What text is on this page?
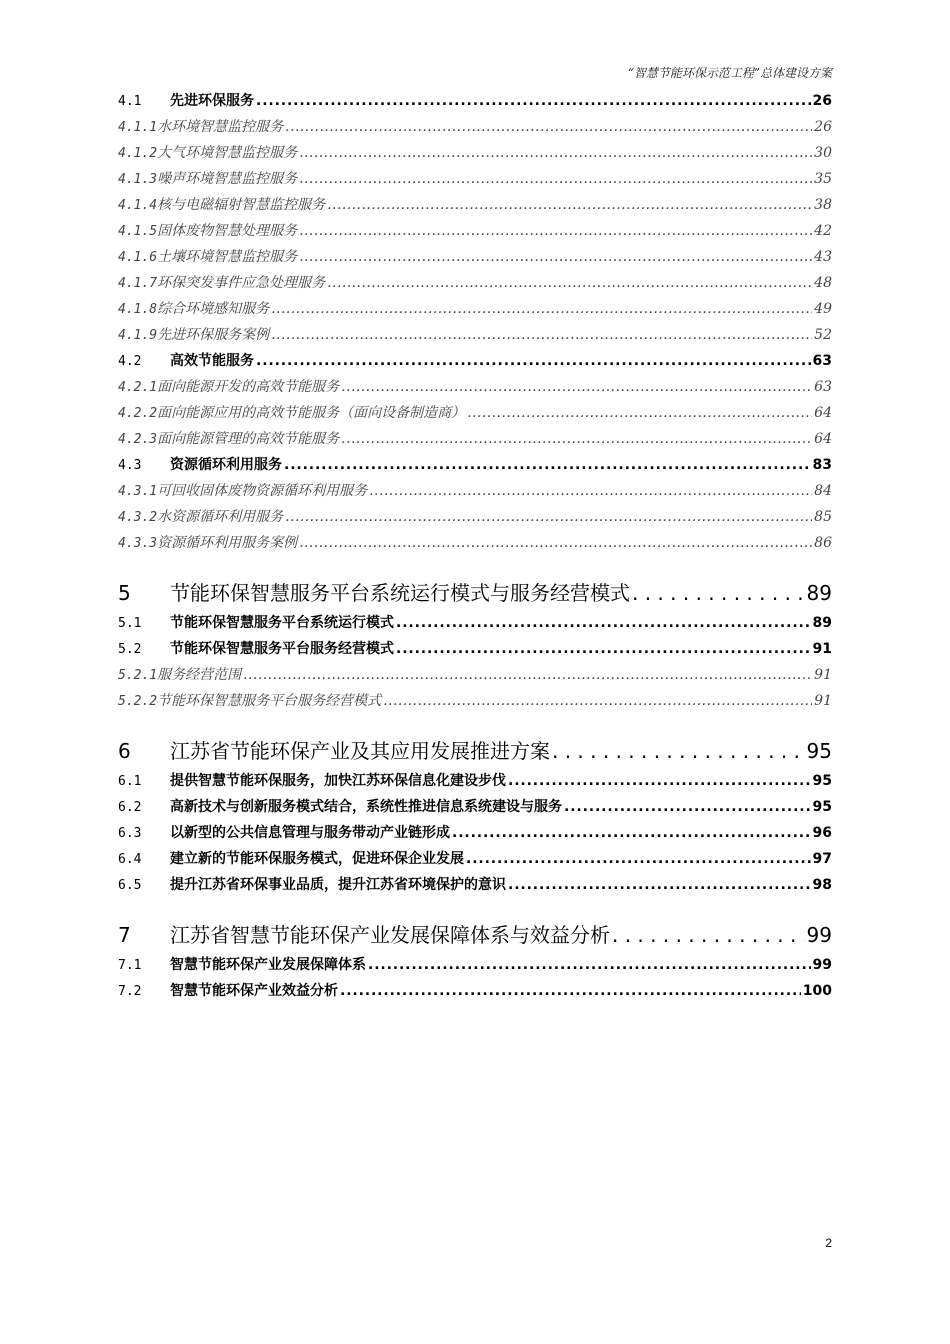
“智慧节能环保示范工程”总体建设方案
4.1	先进环保服务 . . .	26
4.1.1 水环境智慧监控服务 . . .	26
4.1.2 大气环境智慧监控服务 . . .	30
4.1.3 噪声环境智慧监控服务 . . .	35
4.1.4 核与电磁辐射智慧监控服务 . . .	38
4.1.5 固体废物智慧处理服务 . . .	42
4.1.6 土壤环境智慧监控服务 . . .	43
4.1.7 环保突发事件应急处理服务 . . .	48
4.1.8 综合环境感知服务 . . .	49
4.1.9 先进环保服务案例 . . .	52
4.2	高效节能服务 . . .	63
4.2.1 面向能源开发的高效节能服务 . . .	63
4.2.2 面向能源应用的高效节能服务（面向设备制造商） . . .	64
4.2.3 面向能源管理的高效节能服务 . . .	64
4.3	资源循环利用服务 . . .	83
4.3.1 可回收固体废物资源循环利用服务 . . .	84
4.3.2 水资源循环利用服务 . . .	85
4.3.3 资源循环利用服务案例 . . .	86
5	节能环保智慧服务平台系统运行模式与服务经营模式 . . .	89
5.1	节能环保智慧服务平台系统运行模式 . . .	89
5.2	节能环保智慧服务平台服务经营模式 . . .	91
5.2.1 服务经营范围 . . .	91
5.2.2 节能环保智慧服务平台服务经营模式 . . .	91
6	江苏省节能环保产业及其应用发展推进方案 . . .	95
6.1	提供智慧节能环保服务，加快江苏环保信息化建设步伐 . . .	95
6.2	高新技术与创新服务模式结合，系统性推进信息系统建设与服务 . . .	95
6.3	以新型的公共信息管理与服务带动产业链形成 . . .	96
6.4	建立新的节能环保服务模式，促进环保企业发展 . . .	97
6.5	提升江苏省环保事业品质，提升江苏省环境保护的意识 . . .	98
7	江苏省智慧节能环保产业发展保障体系与效益分析 . . .	99
7.1	智慧节能环保产业发展保障体系 . . .	99
7.2	智慧节能环保产业效益分析 . . .	100
2
